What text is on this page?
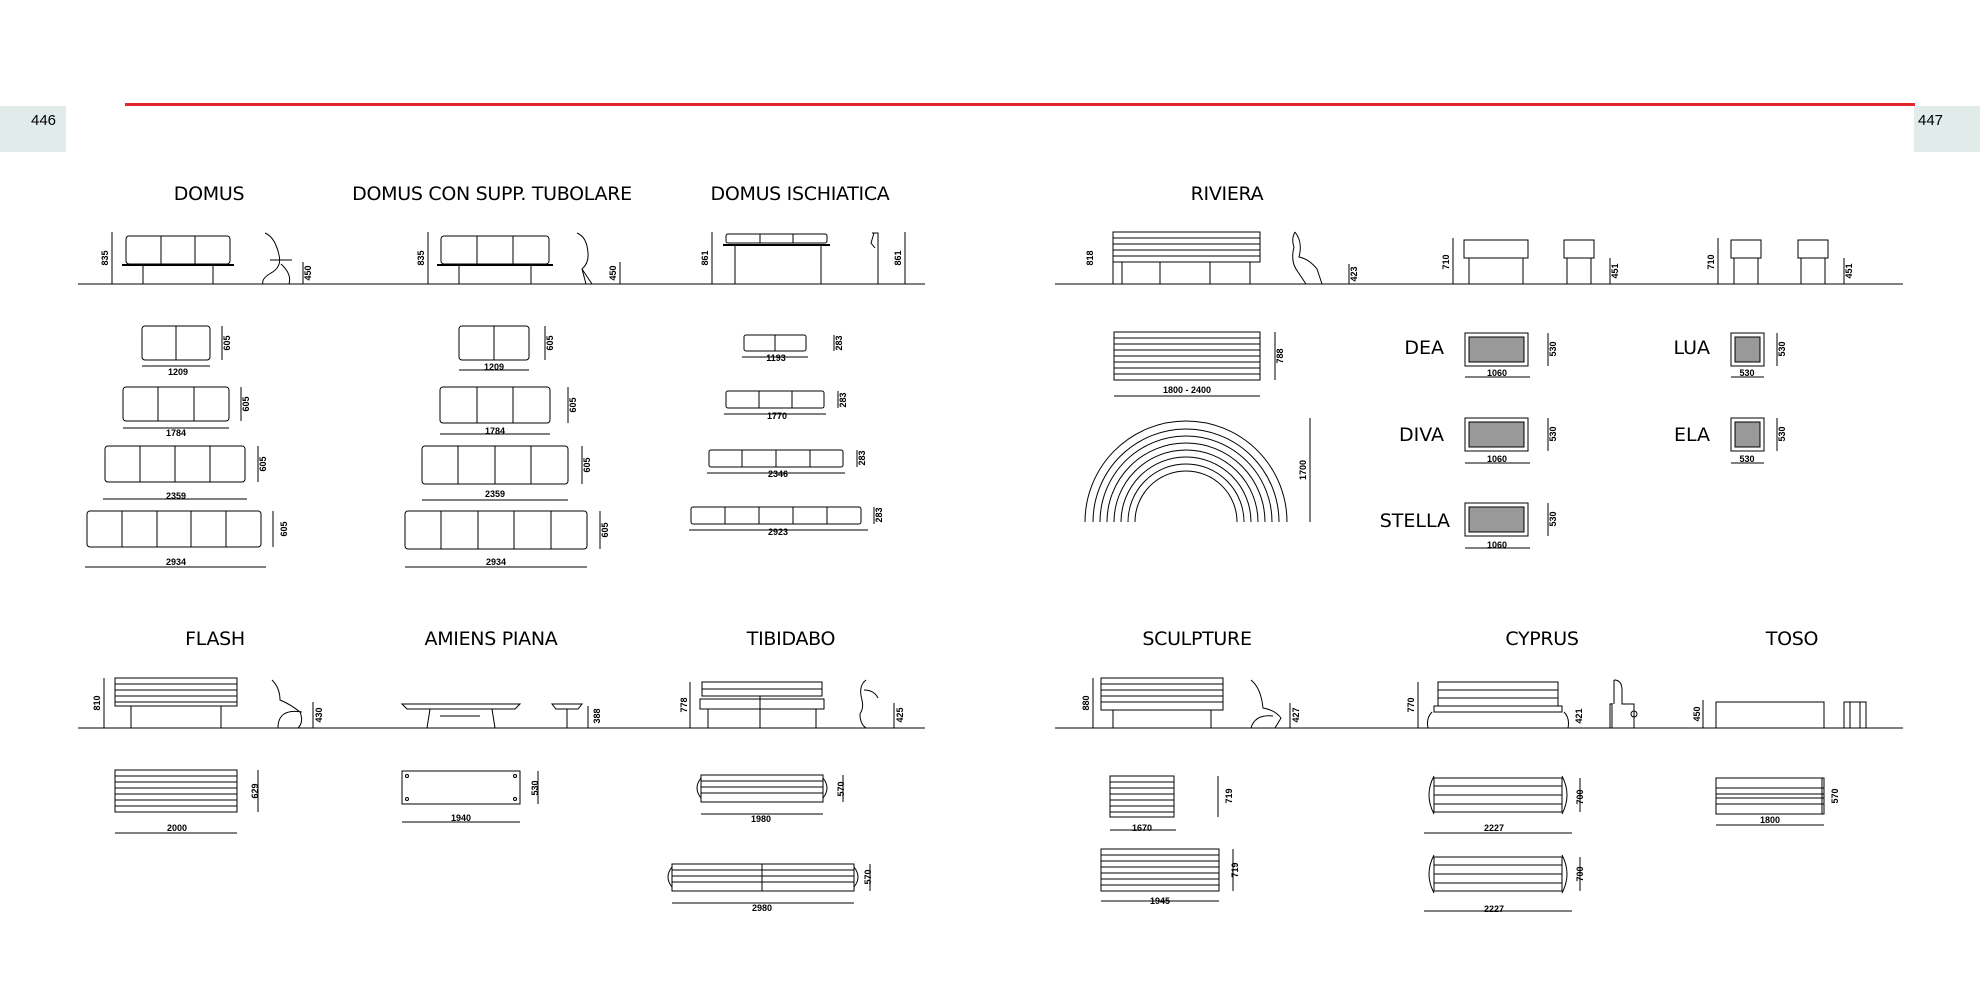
446	447
DOMUS	DOMUS CON SUPP. TUBOLARE	DOMUS ISCHIATICA	RIVIERA
FLASH	AMIENS PIANA	TIBIDABO	SCULPTURE	CYPRUS	TOSO
DEA	LUA
DIVA	ELA
STELLA
1209
1784
2359
2934
1209
1784
2359
2934
1193
1770
2346
2923
1800 - 2400
1060	530
1060	530
1060
2000
1940	1980
2980
1670
1945
2227
2227
1800
835
450
605
605
605
605
835
450
605
605
605
605
861	861
283
283
283
283
818
423
788
1700
710
451
710
451
530	530
530	530
530
810
430
629
388
530
778
425
570
570
880
427
719
719
770
421
700
700
450
570
